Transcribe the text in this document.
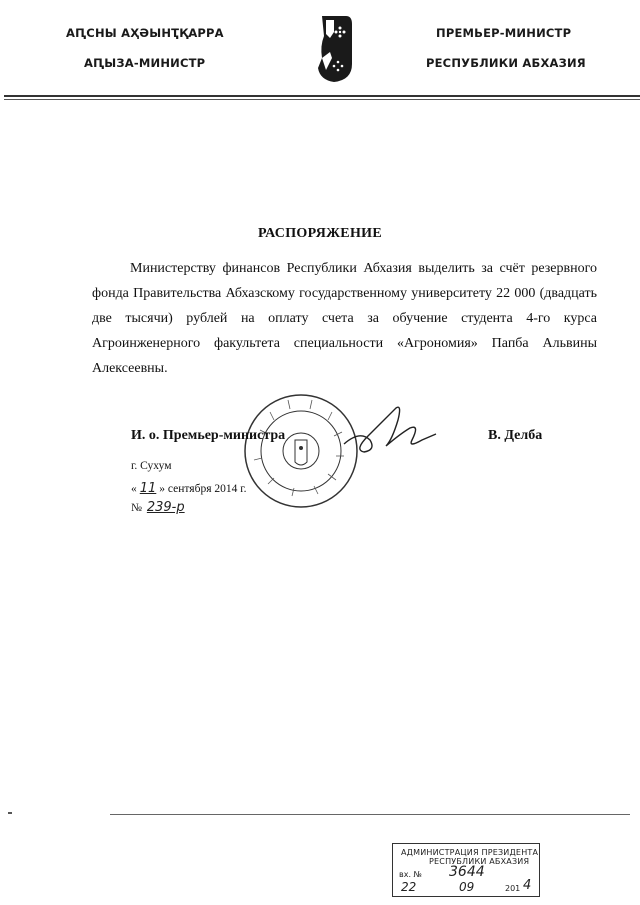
АԤСНЫ АҲӘЫНҬҚАРРА
АԤЫЗА-МИНИСТР
ПРЕМЬЕР-МИНИСТР
РЕСПУБЛИКИ АБХАЗИЯ
РАСПОРЯЖЕНИЕ

Министерству финансов Республики Абхазия выделить за счёт резервного фонда Правительства Абхазскому государственному университету 22 000 (двадцать две тысячи) рублей на оплату счета за обучение студента 4-го курса Агроинженерного факультета специальности «Агрономия» Папба Альвины Алексеевны.

И. о. Премьер-министра	В. Делба
г. Сухум
« 11 » сентября 2014 г.
№ 239-р
АДМИНИСТРАЦИЯ ПРЕЗИДЕНТА
РЕСПУБЛИКИ АБХАЗИЯ
вх. № 3644
22	09	201 4
